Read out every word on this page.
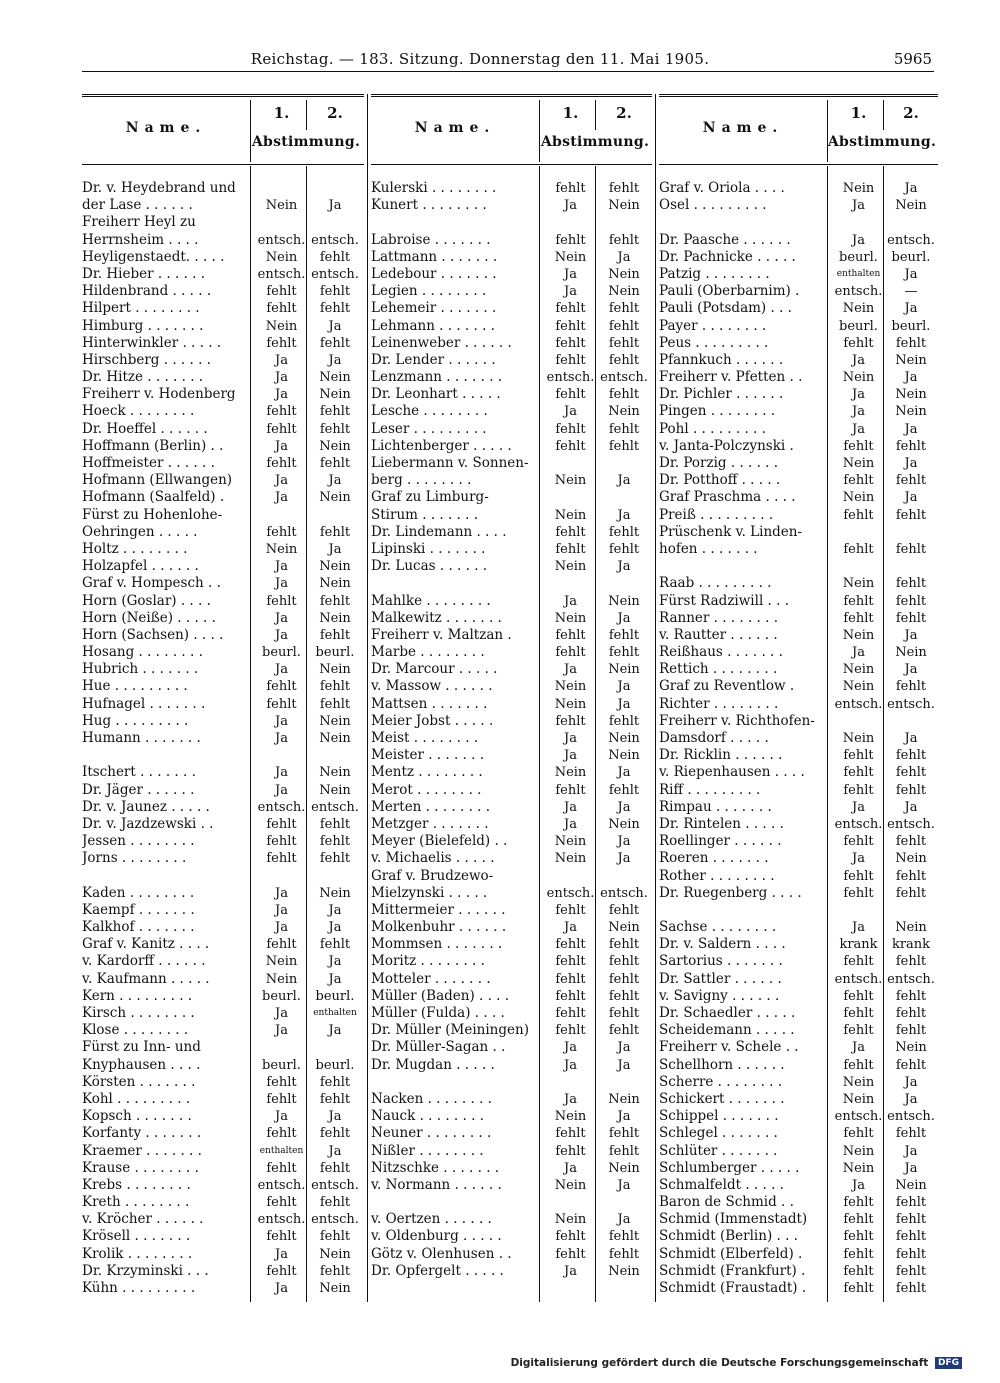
Reichstag. — 183. Sitzung. Donnerstag den 11. Mai 1905.	5965
Name.
1.	2.
Abstimmung.
Dr. v. Heydebrand und
der Lase . . . . . .	Nein	Ja
Freiherr Heyl zu
Herrnsheim . . . .	entsch. entsch.
Heyligenstaedt. . . . .	Nein	fehlt
Dr. Hieber . . . . . .	entsch. entsch.
Hildenbrand . . . . .	fehlt	fehlt
Hilpert . . . . . . . .	fehlt	fehlt
Himburg . . . . . . .	Nein	Ja
Hinterwinkler . . . . .	fehlt	fehlt
Hirschberg . . . . . .	Ja	Ja
Dr. Hitze . . . . . . .	Ja	Nein
Freiherr v. Hodenberg	Ja	Nein
Hoeck . . . . . . . .	fehlt	fehlt
Dr. Hoeffel . . . . . .	fehlt	fehlt
Hoffmann (Berlin) . .	Ja	Nein
Hoffmeister . . . . . .	fehlt	fehlt
Hofmann (Ellwangen)	Ja	Ja
Hofmann (Saalfeld) .	Ja	Nein
Fürst zu Hohenlohe-
Oehringen . . . . .	fehlt	fehlt
Holtz . . . . . . . .	Nein	Ja
Holzapfel . . . . . .	Ja	Nein
Graf v. Hompesch . .	Ja	Nein
Horn (Goslar) . . . .	fehlt	fehlt
Horn (Neiße) . . . . .	Ja	Nein
Horn (Sachsen) . . . .	Ja	fehlt
Hosang . . . . . . . .	beurl.	beurl.
Hubrich . . . . . . .	Ja	Nein
Hue . . . . . . . . .	fehlt	fehlt
Hufnagel . . . . . . .	fehlt	fehlt
Hug . . . . . . . . .	Ja	Nein
Humann . . . . . . .	Ja	Nein
Itschert . . . . . . .	Ja	Nein
Dr. Jäger . . . . . .	Ja	Nein
Dr. v. Jaunez . . . . .	entsch. entsch.
Dr. v. Jazdzewski . .	fehlt	fehlt
Jessen . . . . . . . .	fehlt	fehlt
Jorns . . . . . . . .	fehlt	fehlt
Kaden . . . . . . . .	Ja	Nein
Kaempf . . . . . . .	Ja	Ja
Kalkhof . . . . . . .	Ja	Ja
Graf v. Kanitz . . . .	fehlt	fehlt
v. Kardorff . . . . . .	Nein	Ja
v. Kaufmann . . . . .	Nein	Ja
Kern . . . . . . . . .	beurl.	beurl.
Kirsch . . . . . . . .	Ja	enthalten
Klose . . . . . . . .	Ja	Ja
Fürst zu Inn- und
Knyphausen . . . .	beurl.	beurl.
Körsten . . . . . . .	fehlt	fehlt
Kohl . . . . . . . . .	fehlt	fehlt
Kopsch . . . . . . .	Ja	Ja
Korfanty . . . . . . .	fehlt	fehlt
Kraemer . . . . . . .	enthalten	Ja
Krause . . . . . . . .	fehlt	fehlt
Krebs . . . . . . . .	entsch. entsch.
Kreth . . . . . . . .	fehlt	fehlt
v. Kröcher . . . . . .	entsch. entsch.
Krösell . . . . . . .	fehlt	fehlt
Krolik . . . . . . . .	Ja	Nein
Dr. Krzyminski . . .	fehlt	fehlt
Kühn . . . . . . . . .	Ja	Nein
Name.
1.	2.
Abstimmung.
Kulerski . . . . . . . .	fehlt	fehlt
Kunert . . . . . . . .	Ja	Nein
Labroise . . . . . . .	fehlt	fehlt
Lattmann . . . . . . .	Nein	Ja
Ledebour . . . . . . .	Ja	Nein
Legien . . . . . . . .	Ja	Nein
Lehemeir . . . . . . .	fehlt	fehlt
Lehmann . . . . . . .	fehlt	fehlt
Leinenweber . . . . . .	fehlt	fehlt
Dr. Lender . . . . . .	fehlt	fehlt
Lenzmann . . . . . . .	entsch. entsch.
Dr. Leonhart . . . . .	fehlt	fehlt
Lesche . . . . . . . .	Ja	Nein
Leser . . . . . . . . .	fehlt	fehlt
Lichtenberger . . . . .	fehlt	fehlt
Liebermann v. Sonnen-
berg . . . . . . . .	Nein	Ja
Graf zu Limburg-
Stirum . . . . . . .	Nein	Ja
Dr. Lindemann . . . .	fehlt	fehlt
Lipinski . . . . . . .	fehlt	fehlt
Dr. Lucas . . . . . .	Nein	Ja
Mahlke . . . . . . . .	Ja	Nein
Malkewitz . . . . . . .	Nein	Ja
Freiherr v. Maltzan .	fehlt	fehlt
Marbe . . . . . . . .	fehlt	fehlt
Dr. Marcour . . . . .	Ja	Nein
v. Massow . . . . . .	Nein	Ja
Mattsen . . . . . . .	Nein	Ja
Meier Jobst . . . . .	fehlt	fehlt
Meist . . . . . . . .	Ja	Nein
Meister . . . . . . .	Ja	Nein
Mentz . . . . . . . .	Nein	Ja
Merot . . . . . . . .	fehlt	fehlt
Merten . . . . . . . .	Ja	Ja
Metzger . . . . . . .	Ja	Nein
Meyer (Bielefeld) . .	Nein	Ja
v. Michaelis . . . . .	Nein	Ja
Graf v. Brudzewo-
Mielzynski . . . . .	entsch. entsch.
Mittermeier . . . . . .	fehlt	fehlt
Molkenbuhr . . . . . .	Ja	Nein
Mommsen . . . . . . .	fehlt	fehlt
Moritz . . . . . . . .	fehlt	fehlt
Motteler . . . . . . .	fehlt	fehlt
Müller (Baden) . . . .	fehlt	fehlt
Müller (Fulda) . . . .	fehlt	fehlt
Dr. Müller (Meiningen)	fehlt	fehlt
Dr. Müller-Sagan . .	Ja	Ja
Dr. Mugdan . . . . .	Ja	Ja
Nacken . . . . . . . .	Ja	Nein
Nauck . . . . . . . .	Nein	Ja
Neuner . . . . . . . .	fehlt	fehlt
Nißler . . . . . . . .	fehlt	fehlt
Nitzschke . . . . . . .	Ja	Nein
v. Normann . . . . . .	Nein	Ja
v. Oertzen . . . . . .	Nein	Ja
v. Oldenburg . . . . .	fehlt	fehlt
Götz v. Olenhusen . .	fehlt	fehlt
Dr. Opfergelt . . . . .	Ja	Nein
Name.
1.	2.
Abstimmung.
Graf v. Oriola . . . .	Nein	Ja
Osel . . . . . . . . .	Ja	Nein
Dr. Paasche . . . . . .	Ja	entsch.
Dr. Pachnicke . . . . .	beurl.	beurl.
Patzig . . . . . . . .	enthalten	Ja
Pauli (Oberbarnim) .	entsch.	—
Pauli (Potsdam) . . .	Nein	Ja
Payer . . . . . . . .	beurl.	beurl.
Peus . . . . . . . . .	fehlt	fehlt
Pfannkuch . . . . . .	Ja	Nein
Freiherr v. Pfetten . .	Nein	Ja
Dr. Pichler . . . . . .	Ja	Nein
Pingen . . . . . . . .	Ja	Nein
Pohl . . . . . . . . .	Ja	Ja
v. Janta-Polczynski .	fehlt	fehlt
Dr. Porzig . . . . . .	Nein	Ja
Dr. Potthoff . . . . .	fehlt	fehlt
Graf Praschma . . . .	Nein	Ja
Preiß . . . . . . . . .	fehlt	fehlt
Prüschenk v. Linden-
hofen . . . . . . .	fehlt	fehlt
Raab . . . . . . . . .	Nein	fehlt
Fürst Radziwill . . .	fehlt	fehlt
Ranner . . . . . . . .	fehlt	fehlt
v. Rautter . . . . . .	Nein	Ja
Reißhaus . . . . . . .	Ja	Nein
Rettich . . . . . . . .	Nein	Ja
Graf zu Reventlow .	Nein	fehlt
Richter . . . . . . . .	entsch. entsch.
Freiherr v. Richthofen-
Damsdorf . . . . .	Nein	Ja
Dr. Ricklin . . . . . .	fehlt	fehlt
v. Riepenhausen . . . .	fehlt	fehlt
Riff . . . . . . . . .	fehlt	fehlt
Rimpau . . . . . . .	Ja	Ja
Dr. Rintelen . . . . .	entsch. entsch.
Roellinger . . . . . .	fehlt	fehlt
Roeren . . . . . . .	Ja	Nein
Rother . . . . . . . .	fehlt	fehlt
Dr. Ruegenberg . . . .	fehlt	fehlt
Sachse . . . . . . . .	Ja	Nein
Dr. v. Saldern . . . .	krank	krank
Sartorius . . . . . . .	fehlt	fehlt
Dr. Sattler . . . . . .	entsch. entsch.
v. Savigny . . . . . .	fehlt	fehlt
Dr. Schaedler . . . . .	fehlt	fehlt
Scheidemann . . . . .	fehlt	fehlt
Freiherr v. Schele . .	Ja	Nein
Schellhorn . . . . . .	fehlt	fehlt
Scherre . . . . . . . .	Nein	Ja
Schickert . . . . . . .	Nein	Ja
Schippel . . . . . . .	entsch. entsch.
Schlegel . . . . . . .	fehlt	fehlt
Schlüter . . . . . . .	Nein	Ja
Schlumberger . . . . .	Nein	Ja
Schmalfeldt . . . . .	Ja	Nein
Baron de Schmid . .	fehlt	fehlt
Schmid (Immenstadt)	fehlt	fehlt
Schmidt (Berlin) . . .	fehlt	fehlt
Schmidt (Elberfeld) .	fehlt	fehlt
Schmidt (Frankfurt) .	fehlt	fehlt
Schmidt (Fraustadt) .	fehlt	fehlt
Digitalisierung gefördert durch die Deutsche Forschungsgemeinschaft DFG
